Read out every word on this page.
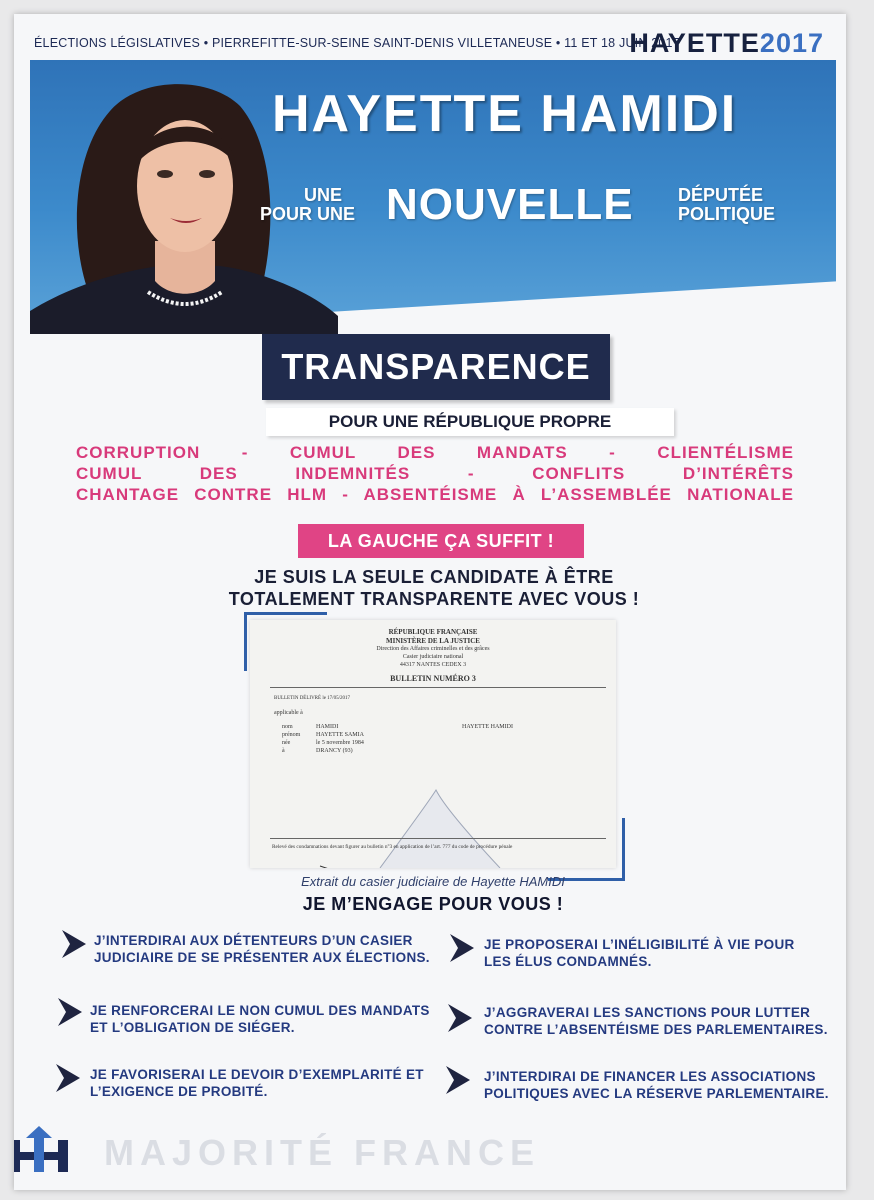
ÉLECTIONS LÉGISLATIVES • PIERREFITTE-SUR-SEINE SAINT-DENIS VILLETANEUSE • 11 ET 18 JUIN 2017
HAYETTE2017
HAYETTE HAMIDI
UNE
POUR UNE NOUVELLE DÉPUTÉE
POLITIQUE
TRANSPARENCE
POUR UNE RÉPUBLIQUE PROPRE
CORRUPTION - CUMUL DES MANDATS - CLIENTÉLISME
CUMUL DES INDEMNITÉS - CONFLITS D’INTÉRÊTS
CHANTAGE CONTRE HLM - ABSENTÉISME À L’ASSEMBLÉE NATIONALE
LA GAUCHE ÇA SUFFIT !
JE SUIS LA SEULE CANDIDATE À ÊTRE
TOTALEMENT TRANSPARENTE AVEC VOUS !
RÉPUBLIQUE FRANÇAISE
MINISTÈRE DE LA JUSTICE
Direction des Affaires criminelles et des grâces
Casier judiciaire national
44317 NANTES CEDEX 3
BULLETIN NUMÉRO 3
BULLETIN DÉLIVRÉ le 17/05/2017
applicable à
nom	HAMIDI	HAYETTE HAMIDI
prénom	HAYETTE SAMIA
née	le 5 novembre 1984
à	DRANCY (93)
Relevé des condamnations devant figurer au bulletin n°3 en application de l’art. 777 du code de procédure pénale
Extrait du casier judiciaire de Hayette HAMIDI
JE M’ENGAGE POUR VOUS !
J’INTERDIRAI AUX DÉTENTEURS D’UN CASIER
JUDICIAIRE DE SE PRÉSENTER AUX ÉLECTIONS.
JE PROPOSERAI L’INÉLIGIBILITÉ À VIE POUR
LES ÉLUS CONDAMNÉS.
JE RENFORCERAI LE NON CUMUL DES MANDATS
ET L’OBLIGATION DE SIÉGER.
J’AGGRAVERAI LES SANCTIONS POUR LUTTER
CONTRE L’ABSENTÉISME DES PARLEMENTAIRES.
JE FAVORISERAI LE DEVOIR D’EXEMPLARITÉ ET
L’EXIGENCE DE PROBITÉ.
J’INTERDIRAI DE FINANCER LES ASSOCIATIONS
POLITIQUES AVEC LA RÉSERVE PARLEMENTAIRE.
MAJORITÉ FRANCE
